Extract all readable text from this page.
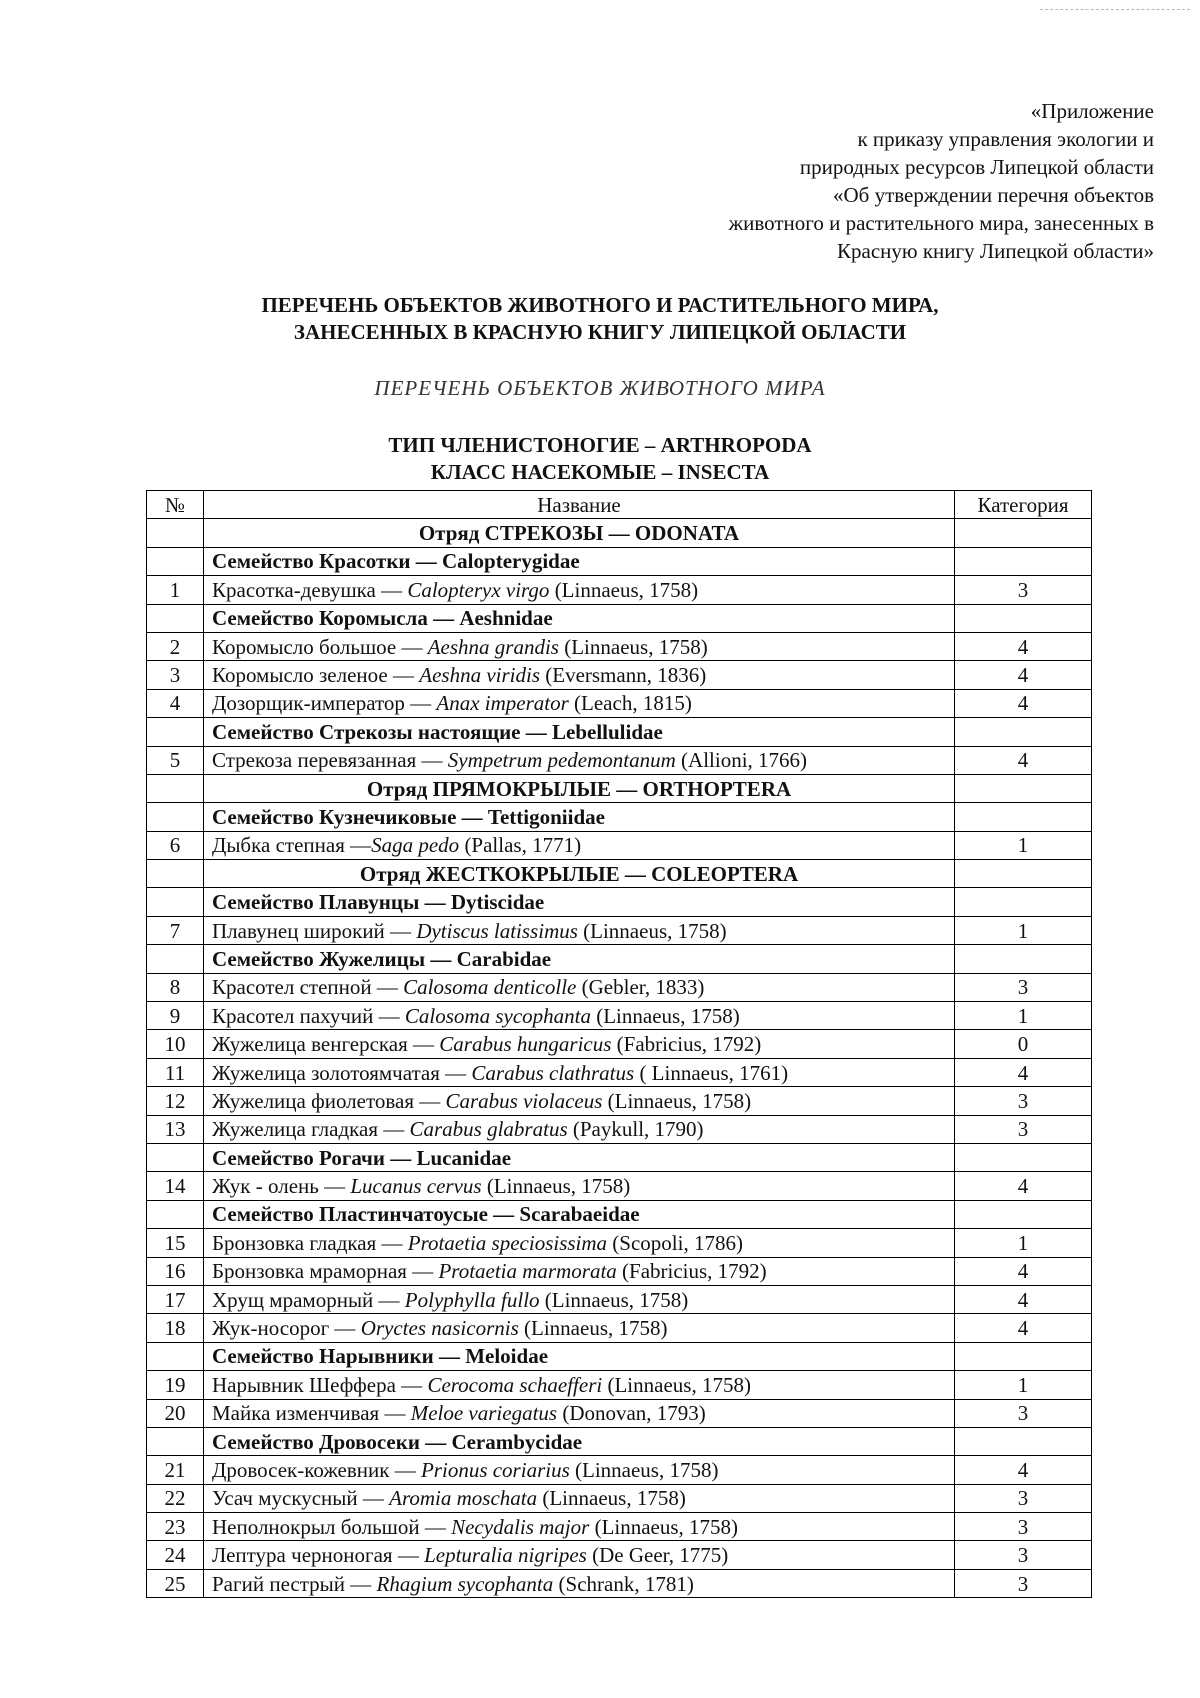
«Приложение
к приказу управления экологии и
природных ресурсов Липецкой области
«Об утверждении перечня объектов
животного и растительного мира, занесенных в
Красную книгу Липецкой области»
ПЕРЕЧЕНЬ ОБЪЕКТОВ ЖИВОТНОГО И РАСТИТЕЛЬНОГО МИРА,
ЗАНЕСЕННЫХ В КРАСНУЮ КНИГУ ЛИПЕЦКОЙ ОБЛАСТИ
ПЕРЕЧЕНЬ ОБЪЕКТОВ ЖИВОТНОГО МИРА
ТИП ЧЛЕНИСТОНОГИЕ – ARTHROPODA
КЛАСС НАСЕКОМЫЕ – INSECTA
№	Название	Категория
	Отряд СТРЕКОЗЫ — ODONATA	
	Семейство Красотки — Calopterygidae	
1	Красотка-девушка — Calopteryx virgo (Linnaeus, 1758)	3
	Семейство Коромысла — Aeshnidae	
2	Коромысло большое — Aeshna grandis (Linnaeus, 1758)	4
3	Коромысло зеленое — Aeshna viridis (Eversmann, 1836)	4
4	Дозорщик-император — Anax imperator (Leach, 1815)	4
	Семейство Стрекозы настоящие — Lebellulidae	
5	Стрекоза перевязанная — Sympetrum pedemontanum (Allioni, 1766)	4
	Отряд ПРЯМОКРЫЛЫЕ — ORTHOPTERA	
	Семейство Кузнечиковые — Tettigoniidae	
6	Дыбка степная —Saga pedo (Pallas, 1771)	1
	Отряд ЖЕСТКОКРЫЛЫЕ — COLEOPTERA	
	Семейство Плавунцы — Dytiscidae	
7	Плавунец широкий — Dytiscus latissimus (Linnaeus, 1758)	1
	Семейство Жужелицы — Carabidae	
8	Красотел степной — Calosoma denticolle (Gebler, 1833)	3
9	Красотел пахучий — Calosoma sycophanta (Linnaeus, 1758)	1
10	Жужелица венгерская — Carabus hungaricus (Fabricius, 1792)	0
11	Жужелица золотоямчатая — Carabus clathratus ( Linnaeus, 1761)	4
12	Жужелица фиолетовая — Carabus violaceus (Linnaeus, 1758)	3
13	Жужелица гладкая — Carabus glabratus (Paykull, 1790)	3
	Семейство Рогачи — Lucanidae	
14	Жук - олень — Lucanus cervus (Linnaeus, 1758)	4
	Семейство Пластинчатоусые — Scarabaeidae	
15	Бронзовка гладкая — Protaetia speciosissima (Scopoli, 1786)	1
16	Бронзовка мраморная — Protaetia marmorata (Fabricius, 1792)	4
17	Хрущ мраморный — Polyphylla fullo (Linnaeus, 1758)	4
18	Жук-носорог — Oryctes nasicornis (Linnaeus, 1758)	4
	Семейство Нарывники — Meloidae	
19	Нарывник Шеффера — Cerocoma schaefferi (Linnaeus, 1758)	1
20	Майка изменчивая — Meloe variegatus (Donovan, 1793)	3
	Семейство Дровосеки — Cerambycidae	
21	Дровосек-кожевник — Prionus coriarius (Linnaeus, 1758)	4
22	Усач мускусный — Aromia moschata (Linnaeus, 1758)	3
23	Неполнокрыл большой — Necydalis major (Linnaeus, 1758)	3
24	Лептура черноногая — Lepturalia nigripes (De Geer, 1775)	3
25	Рагий пестрый — Rhagium sycophanta (Schrank, 1781)	3
